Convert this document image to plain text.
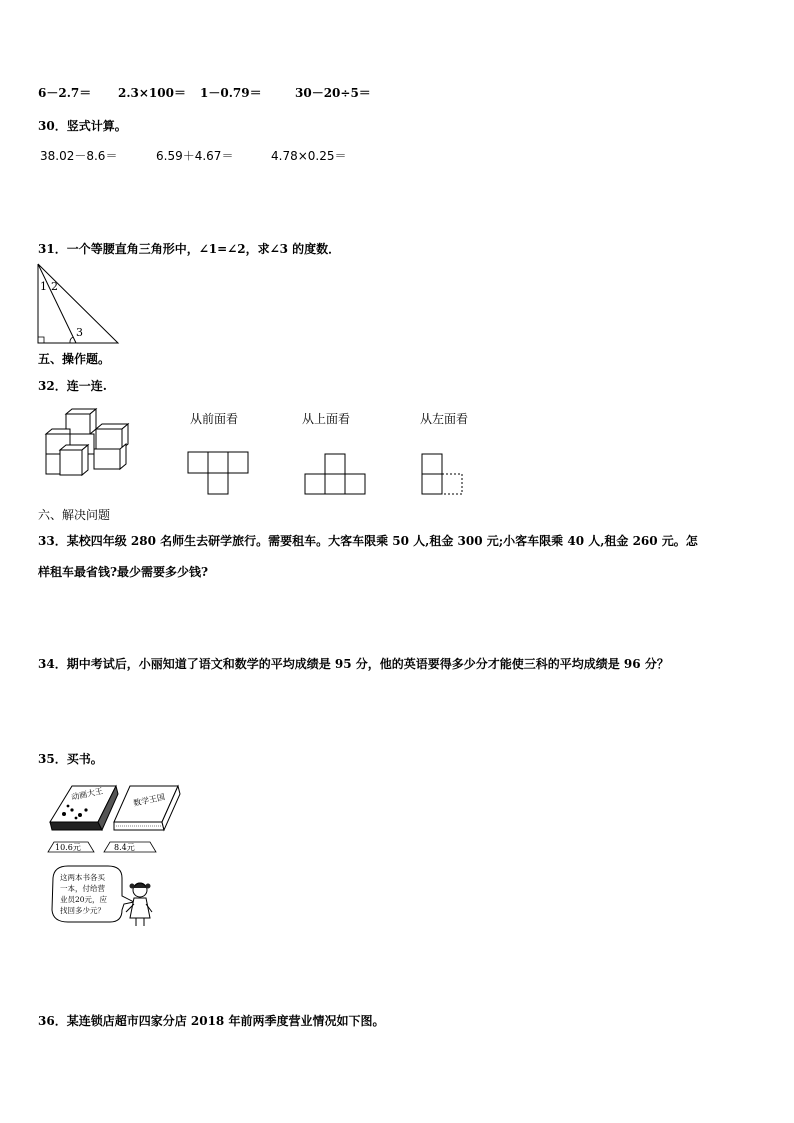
6－2.7＝ 2.3×100＝ 1－0.79＝	30－20÷5＝
30．竖式计算。
38.02－8.6＝	6.59＋4.67＝	4.78×0.25＝
31．一个等腰直角三角形中，∠1=∠2，求∠3 的度数．
1 2
3
五、操作题。
32．连一连.
从前面看	从上面看	从左面看
六、解决问题
33．某校四年级 280 名师生去研学旅行。需要租车。大客车限乘 50 人,租金 300 元;小客车限乘 40 人,租金 260 元。怎
样租车最省钱?最少需要多少钱?
34．期中考试后，小丽知道了语文和数学的平均成绩是 95 分，他的英语要得多少分才能使三科的平均成绩是 96 分？
35．买书。
动画大王	数学王国
10.6元	8.4元
这两本书各买
一本，付给营
业员20元，应
找回多少元？
36．某连锁店超市四家分店 2018 年前两季度营业情况如下图。
